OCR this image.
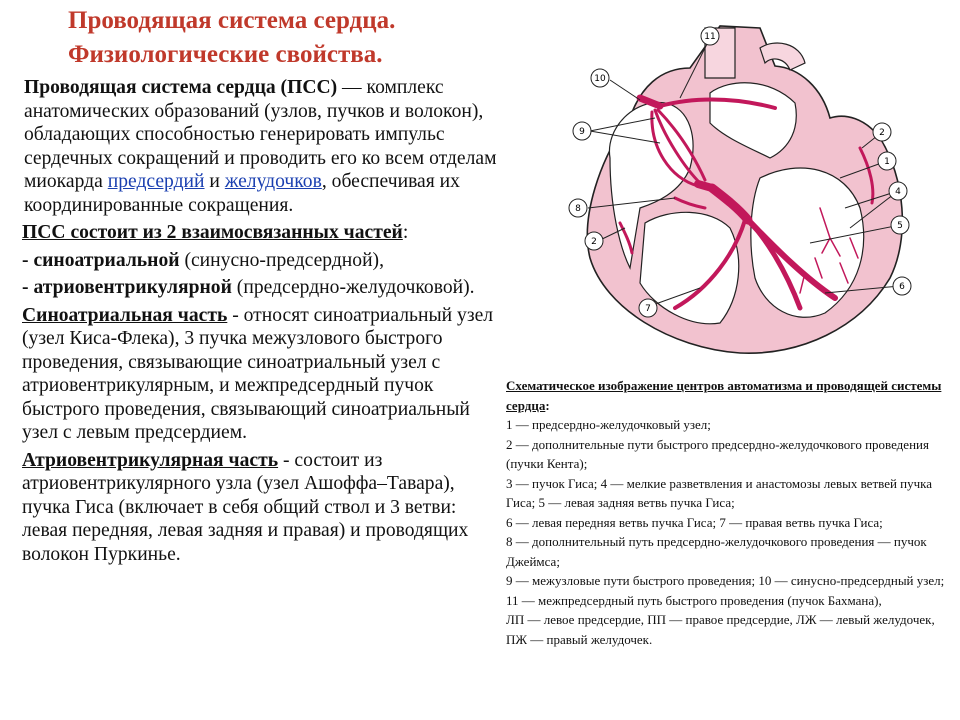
Проводящая система сердца.
Физиологические свойства.

Проводящая система сердца (ПСС) — комплекс анатомических образований (узлов, пучков и волокон), обладающих способностью генерировать импульс сердечных сокращений и проводить его ко всем отделам миокарда предсердий и желудочков, обеспечивая их координированные сокращения.

ПСС состоит из 2 взаимосвязанных частей:

- синоатриальной (синусно-предсердной),

- атриовентрикулярной (предсердно-желудочковой).

Синоатриальная часть - относят синоатриальный узел (узел Киса-Флека), 3 пучка межузлового быстрого проведения, связывающие синоатриальный узел с атриовентрикулярным, и межпредсердный пучок быстрого проведения, связывающий синоатриальный узел с левым предсердием.

Атриовентрикулярная часть - состоит из атриовентрикулярного узла (узел Ашоффа–Тавара), пучка Гиса (включает в себя общий ствол и 3 ветви: левая передняя, левая задняя и правая) и проводящих волокон Пуркинье.

11
10
9	2
1
4
8
5
2
6
7

Схематическое изображение центров автоматизма и проводящей системы сердца:

1 — предсердно-желудочковый узел;

2 — дополнительные пути быстрого предсердно-желудочкового проведения (пучки Кента);

3 — пучок Гиса; 4 — мелкие разветвления и анастомозы левых ветвей пучка Гиса; 5 — левая задняя ветвь пучка Гиса;

6 — левая передняя ветвь пучка Гиса; 7 — правая ветвь пучка Гиса;

8 — дополнительный путь предсердно-желудочкового проведения — пучок Джеймса;

9 — межузловые пути быстрого проведения; 10 — синусно-предсердный узел;

11 — межпредсердный путь быстрого проведения (пучок Бахмана),

ЛП — левое предсердие, ПП — правое предсердие, ЛЖ — левый желудочек, ПЖ — правый желудочек.
